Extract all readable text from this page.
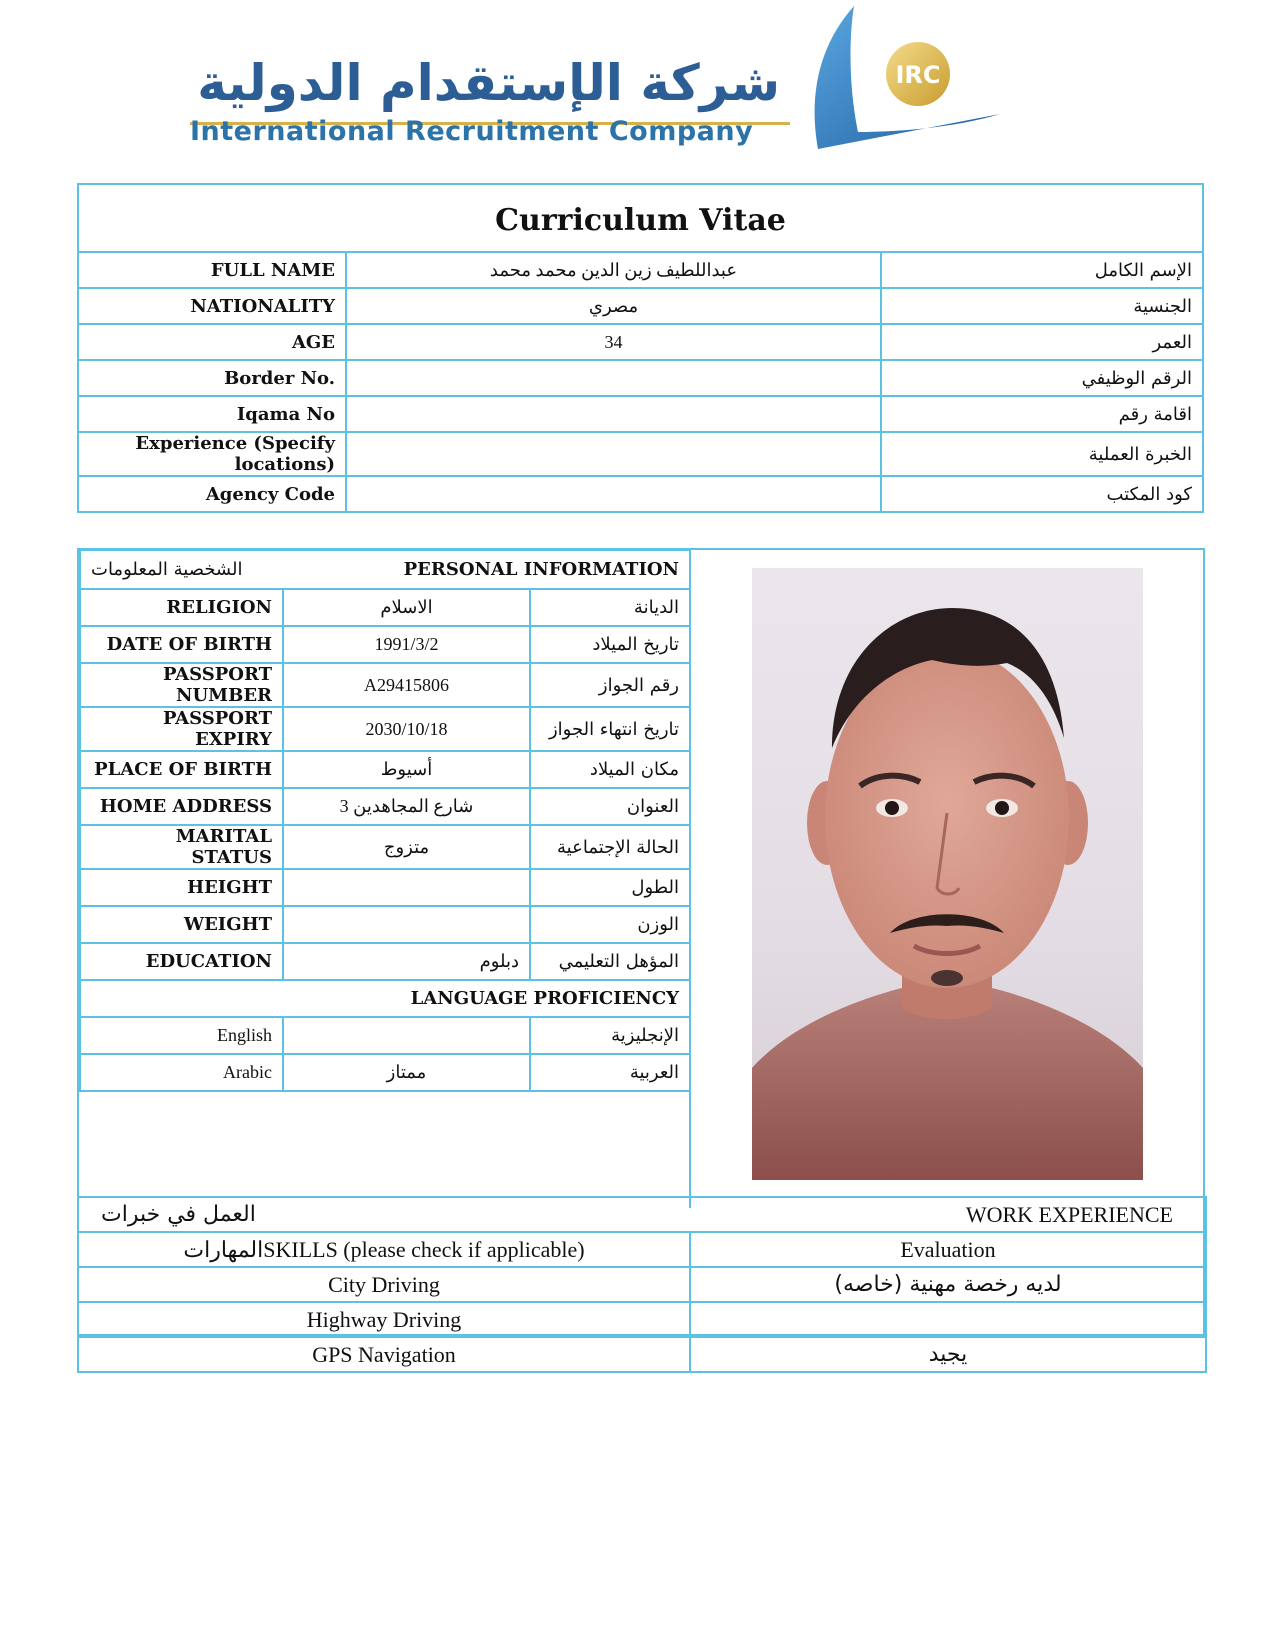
شركة الإستقدام الدولية
International Recruitment Company
IRC
Curriculum Vitae		
FULL NAME	عبداللطيف زين الدين محمد محمد	الإسم الكامل
NATIONALITY	مصري	الجنسية
AGE	34	العمر
Border No.		الرقم الوظيفي
Iqama No		اقامة رقم
Experience (Specify locations)		الخبرة العملية
Agency Code		كود المكتب
الشخصية المعلومات	PERSONAL INFORMATION	
RELIGION	الاسلام	الديانة
DATE OF BIRTH	1991/3/2	تاريخ الميلاد
PASSPORT NUMBER	A29415806	رقم الجواز
PASSPORT EXPIRY	2030/10/18	تاريخ انتهاء الجواز
PLACE OF BIRTH	أسيوط	مكان الميلاد
HOME ADDRESS	3 شارع المجاهدين	العنوان
MARITAL STATUS	متزوج	الحالة الإجتماعية
HEIGHT		الطول
WEIGHT		الوزن
EDUCATION	دبلوم	المؤهل التعليمي
LANGUAGE PROFICIENCY		
English		الإنجليزية
Arabic	ممتاز	العربية
العمل في خبرات	WORK EXPERIENCE
المهاراتSKILLS (please check if applicable)	Evaluation
City Driving	لديه رخصة مهنية (خاصه)
Highway Driving	
GPS Navigation	يجيد
